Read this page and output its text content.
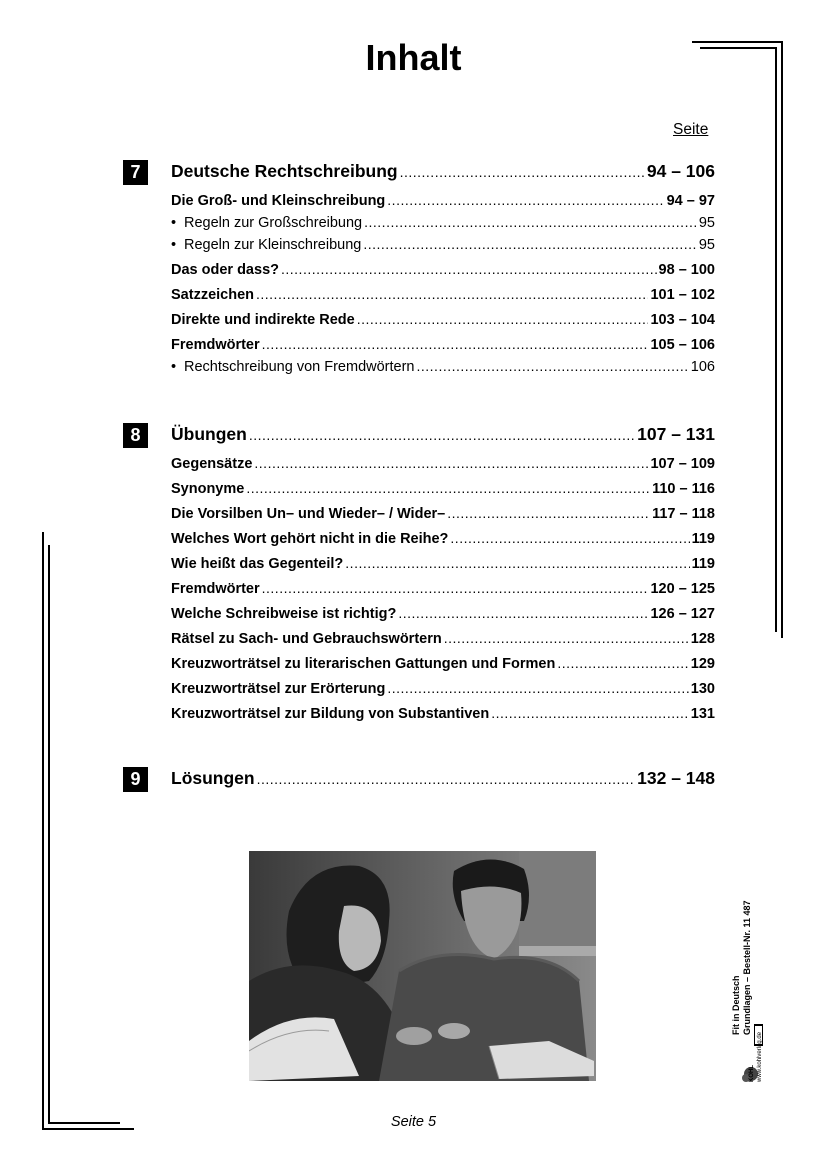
Inhalt
Seite
7	Deutsche Rechtschreibung .....	94 – 106
Die Groß- und Kleinschreibung .....	94 – 97
• Regeln zur Großschreibung .....	95
• Regeln zur Kleinschreibung .....	95
Das oder dass? .....	98 – 100
Satzzeichen .....	101 – 102
Direkte und indirekte Rede .....	103 – 104
Fremdwörter .....	105 – 106
• Rechtschreibung von Fremdwörtern .....	106
8	Übungen .....	107 – 131
Gegensätze .....	107 – 109
Synonyme .....	110 – 116
Die Vorsilben Un– und Wieder– / Wider– .....	117 – 118
Welches Wort gehört nicht in die Reihe? .....	119
Wie heißt das Gegenteil? .....	119
Fremdwörter .....	120 – 125
Welche Schreibweise ist richtig? .....	126 – 127
Rätsel zu Sach- und Gebrauchswörtern .....	128
Kreuzworträtsel zu literarischen Gattungen und Formen .....	129
Kreuzworträtsel zur Erörterung .....	130
Kreuzworträtsel zur Bildung von Substantiven .....	131
9	Lösungen .....	132 – 148
Fit in Deutsch Grundlagen – Bestell-Nr. 11 487
KOHL www.kohlverlag.de
Seite 5
